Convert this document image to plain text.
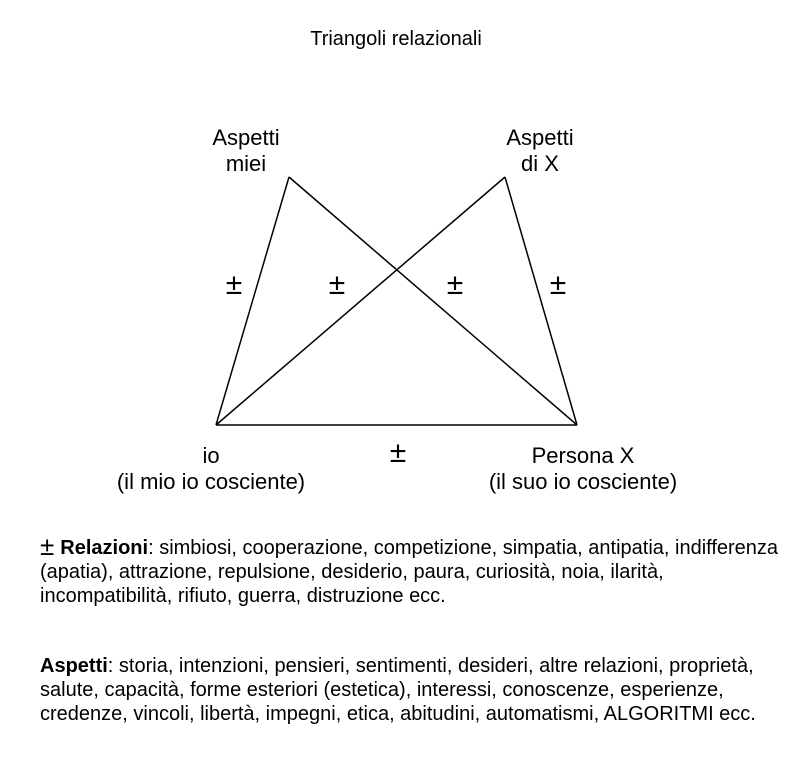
Triangoli relazionali
Aspetti
miei
Aspetti
di X
io
(il mio io cosciente)
Persona X
(il suo io cosciente)
±	±	±	±
±
± Relazioni: simbiosi, cooperazione, competizione, simpatia, antipatia, indifferenza (apatia), attrazione, repulsione, desiderio, paura, curiosità, noia, ilarità, incompatibilità, rifiuto, guerra, distruzione ecc.
Aspetti: storia, intenzioni, pensieri, sentimenti, desideri, altre relazioni, proprietà, salute, capacità, forme esteriori (estetica), interessi, conoscenze, esperienze, credenze, vincoli, libertà, impegni, etica, abitudini, automatismi, ALGORITMI ecc.
